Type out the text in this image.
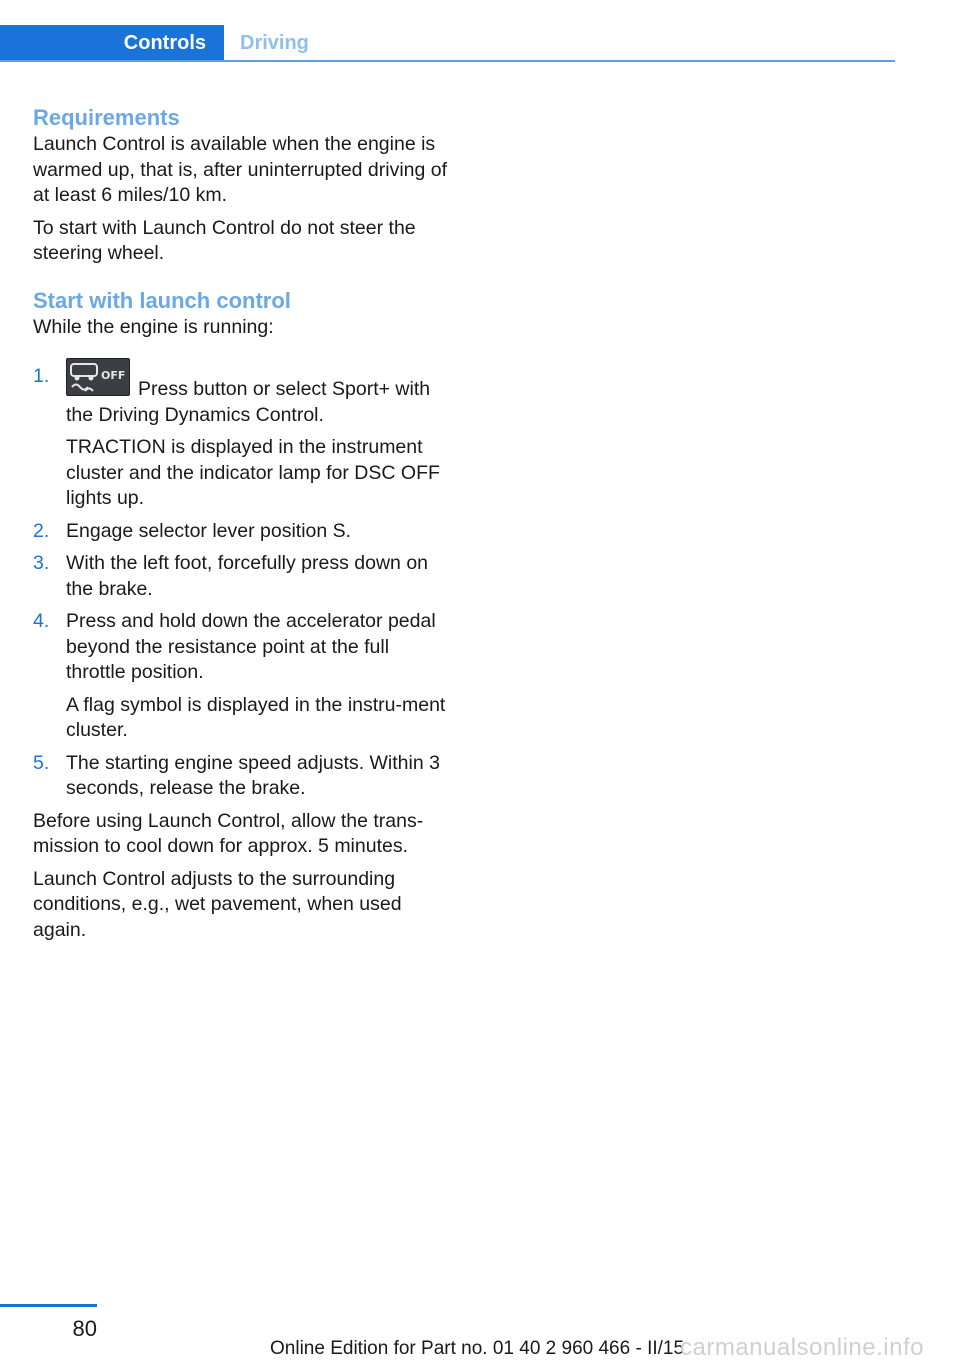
Controls	Driving
Requirements

Launch Control is available when the engine is warmed up, that is, after uninterrupted driving of at least 6 miles/10 km.

To start with Launch Control do not steer the steering wheel.

Start with launch control

While the engine is running:

1.	OFF
Press button or select Sport+ with the Driving Dynamics Control.

TRACTION is displayed in the instrument cluster and the indicator lamp for DSC OFF lights up.

2. Engage selector lever position S.

3. With the left foot, forcefully press down on the brake.

4. Press and hold down the accelerator pedal beyond the resistance point at the full throttle position.

A flag symbol is displayed in the instru‐ment cluster.

5. The starting engine speed adjusts. Within 3 seconds, release the brake.

Before using Launch Control, allow the trans‐mission to cool down for approx. 5 minutes.

Launch Control adjusts to the surrounding conditions, e.g., wet pavement, when used again.

80
Online Edition for Part no. 01 40 2 960 466 - II/15
carmanualsonline.info
